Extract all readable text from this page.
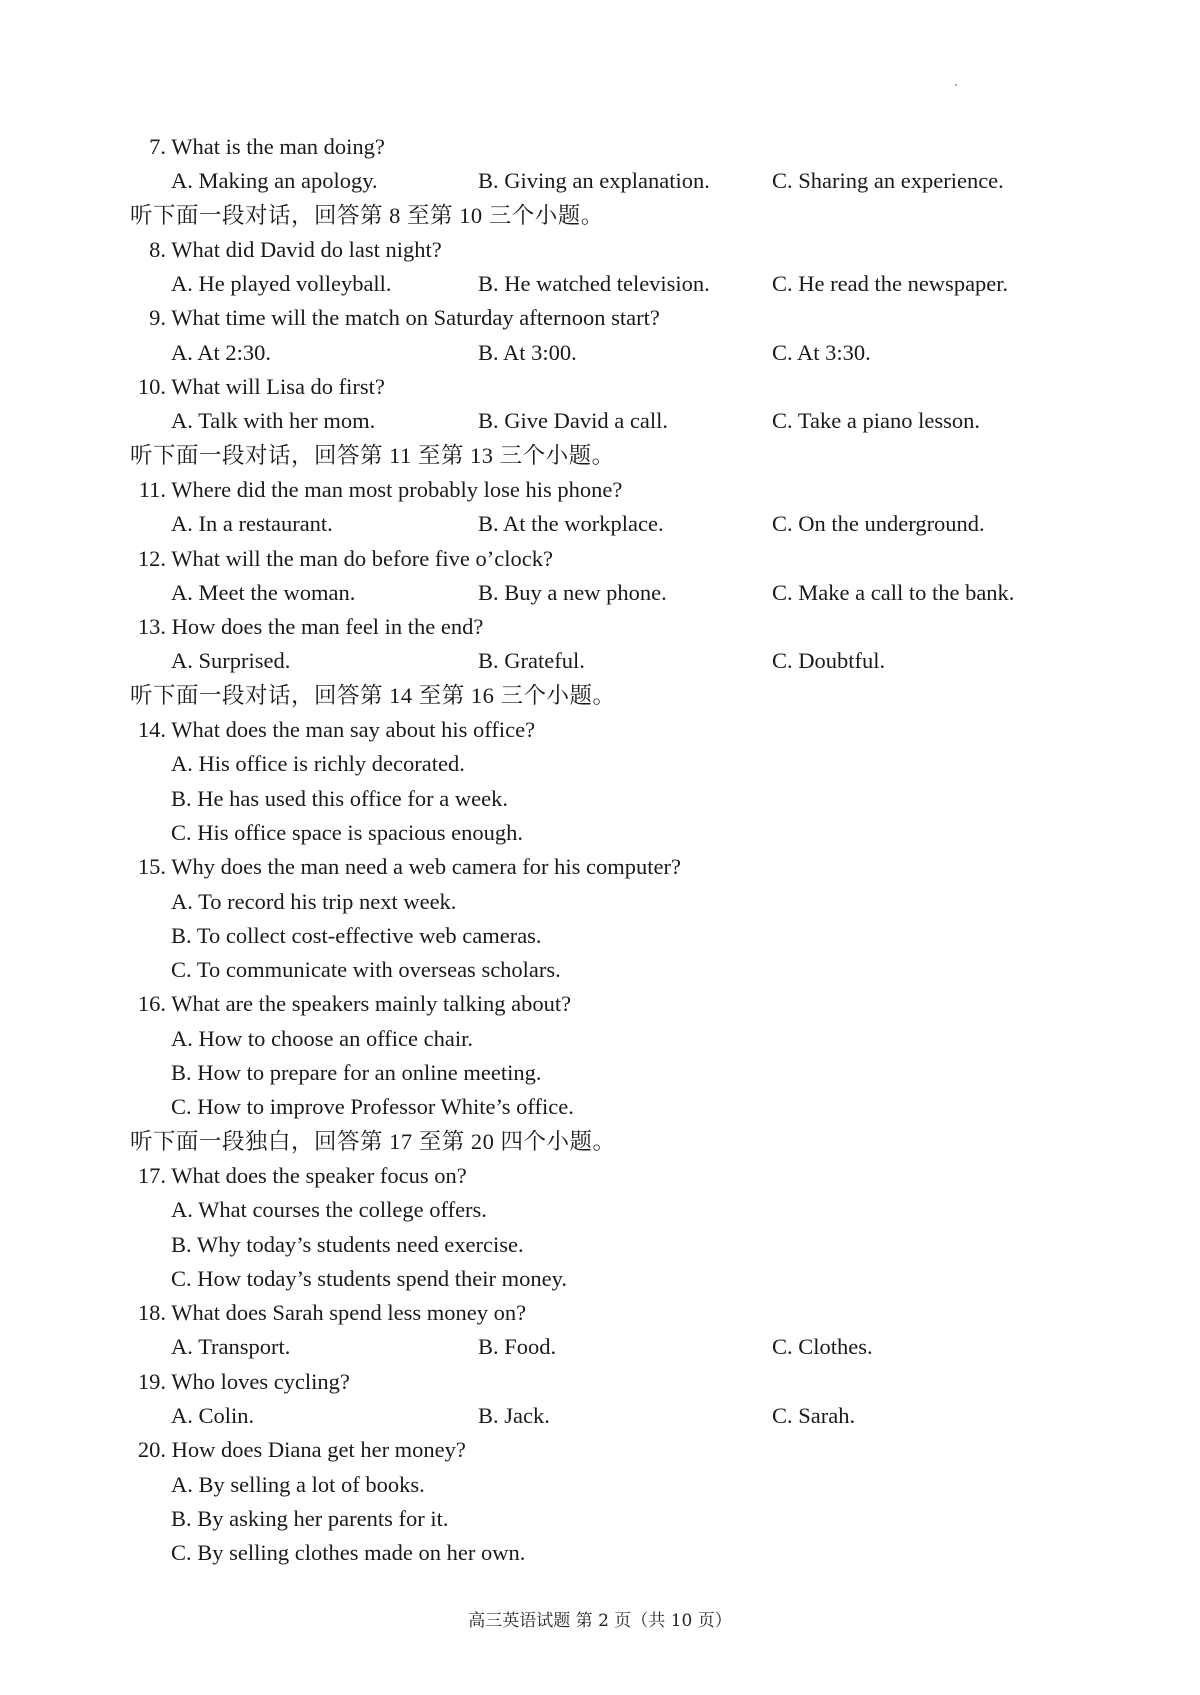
7. What is the man doing?
A. Making an apology.	B. Giving an explanation.	C. Sharing an experience.
听下面一段对话，回答第 8 至第 10 三个小题。
8. What did David do last night?
A. He played volleyball.	B. He watched television.	C. He read the newspaper.
9. What time will the match on Saturday afternoon start?
A. At 2:30.	B. At 3:00.	C. At 3:30.
10. What will Lisa do first?
A. Talk with her mom.	B. Give David a call.	C. Take a piano lesson.
听下面一段对话，回答第 11 至第 13 三个小题。
11. Where did the man most probably lose his phone?
A. In a restaurant.	B. At the workplace.	C. On the underground.
12. What will the man do before five o’clock?
A. Meet the woman.	B. Buy a new phone.	C. Make a call to the bank.
13. How does the man feel in the end?
A. Surprised.	B. Grateful.	C. Doubtful.
听下面一段对话，回答第 14 至第 16 三个小题。
14. What does the man say about his office?
A. His office is richly decorated.
B. He has used this office for a week.
C. His office space is spacious enough.
15. Why does the man need a web camera for his computer?
A. To record his trip next week.
B. To collect cost-effective web cameras.
C. To communicate with overseas scholars.
16. What are the speakers mainly talking about?
A. How to choose an office chair.
B. How to prepare for an online meeting.
C. How to improve Professor White’s office.
听下面一段独白，回答第 17 至第 20 四个小题。
17. What does the speaker focus on?
A. What courses the college offers.
B. Why today’s students need exercise.
C. How today’s students spend their money.
18. What does Sarah spend less money on?
A. Transport.	B. Food.	C. Clothes.
19. Who loves cycling?
A. Colin.	B. Jack.	C. Sarah.
20. How does Diana get her money?
A. By selling a lot of books.
B. By asking her parents for it.
C. By selling clothes made on her own.
高三英语试题 第 2 页（共 10 页）
